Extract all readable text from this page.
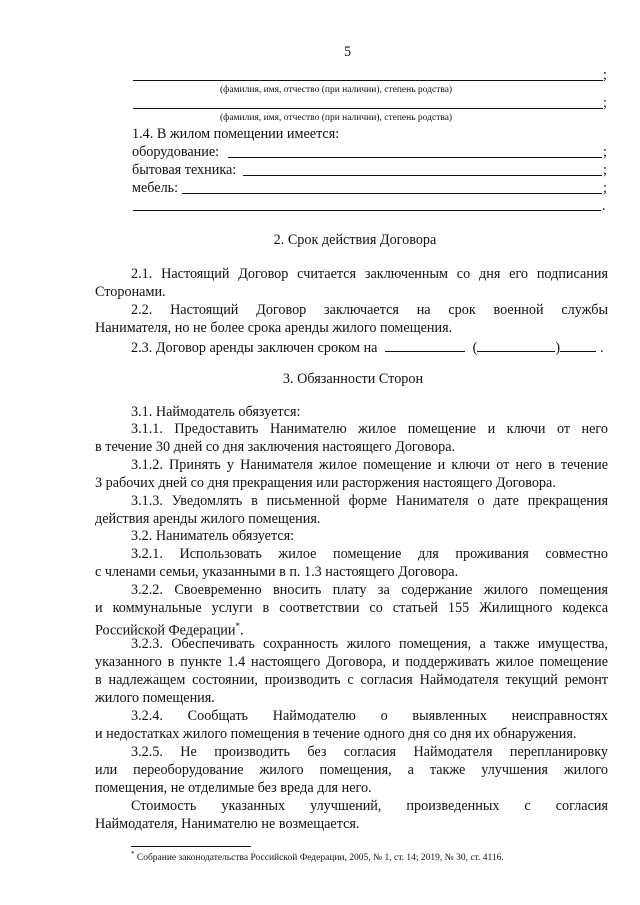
5
;
(фамилия, имя, отчество (при наличии), степень родства)
;
(фамилия, имя, отчество (при наличии), степень родства)
1.4. В жилом помещении имеется:
оборудование:	;
бытовая техника:	;
мебель:	;
.
2. Срок действия Договора
2.1. Настоящий Договор считается заключенным со дня его подписания
Сторонами.
2.2. Настоящий Договор заключается на срок военной службы
Нанимателя, но не более срока аренды жилого помещения.
2.3. Договор аренды заключен сроком на	(	)	.
3. Обязанности Сторон
3.1. Наймодатель обязуется:
3.1.1. Предоставить Нанимателю жилое помещение и ключи от него
в течение 30 дней со дня заключения настоящего Договора.
3.1.2. Принять у Нанимателя жилое помещение и ключи от него в течение
3 рабочих дней со дня прекращения или расторжения настоящего Договора.
3.1.3. Уведомлять в письменной форме Нанимателя о дате прекращения
действия аренды жилого помещения.
3.2. Наниматель обязуется:
3.2.1. Использовать жилое помещение для проживания совместно
с членами семьи, указанными в п. 1.3 настоящего Договора.
3.2.2. Своевременно вносить плату за содержание жилого помещения
и коммунальные услуги в соответствии со статьей 155 Жилищного кодекса
Российской Федерации*.
3.2.3. Обеспечивать сохранность жилого помещения, а также имущества,
указанного в пункте 1.4 настоящего Договора, и поддерживать жилое помещение
в надлежащем состоянии, производить с согласия Наймодателя текущий ремонт
жилого помещения.
3.2.4. Сообщать Наймодателю о выявленных неисправностях
и недостатках жилого помещения в течение одного дня со дня их обнаружения.
3.2.5. Не производить без согласия Наймодателя перепланировку
или переоборудование жилого помещения, а также улучшения жилого
помещения, не отделимые без вреда для него.
Стоимость указанных улучшений, произведенных с согласия
Наймодателя, Нанимателю не возмещается.
* Собрание законодательства Российской Федерации, 2005, № 1, ст. 14; 2019, № 30, ст. 4116.
